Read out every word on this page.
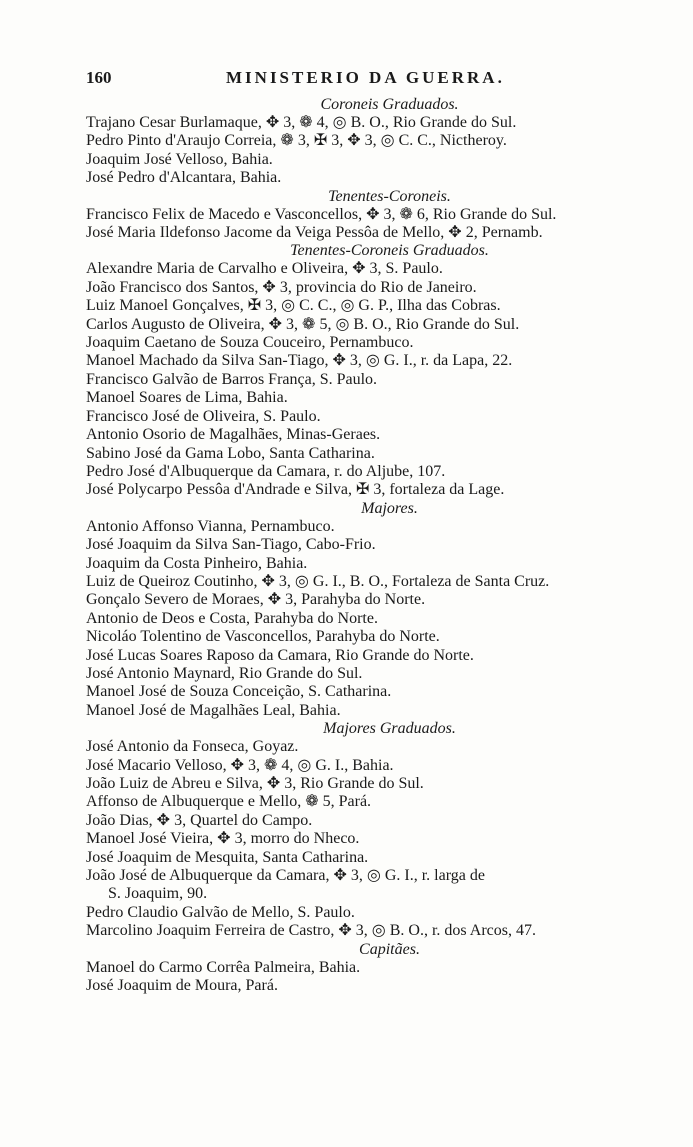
160	MINISTERIO DA GUERRA.
Coroneis Graduados.
Trajano Cesar Burlamaque, ✥ 3, ❁ 4, ◎ B. O., Rio Grande do Sul.
Pedro Pinto d'Araujo Correia, ❁ 3, ✠ 3, ✥ 3, ◎ C. C., Nictheroy.
Joaquim José Velloso, Bahia.
José Pedro d'Alcantara, Bahia.
Tenentes-Coroneis.
Francisco Felix de Macedo e Vasconcellos, ✥ 3, ❁ 6, Rio Grande do Sul.
José Maria Ildefonso Jacome da Veiga Pessôa de Mello, ✥ 2, Pernamb.
Tenentes-Coroneis Graduados.
Alexandre Maria de Carvalho e Oliveira, ✥ 3, S. Paulo.
João Francisco dos Santos, ✥ 3, provincia do Rio de Janeiro.
Luiz Manoel Gonçalves, ✠ 3, ◎ C. C., ◎ G. P., Ilha das Cobras.
Carlos Augusto de Oliveira, ✥ 3, ❁ 5, ◎ B. O., Rio Grande do Sul.
Joaquim Caetano de Souza Couceiro, Pernambuco.
Manoel Machado da Silva San-Tiago, ✥ 3, ◎ G. I., r. da Lapa, 22.
Francisco Galvão de Barros França, S. Paulo.
Manoel Soares de Lima, Bahia.
Francisco José de Oliveira, S. Paulo.
Antonio Osorio de Magalhães, Minas-Geraes.
Sabino José da Gama Lobo, Santa Catharina.
Pedro José d'Albuquerque da Camara, r. do Aljube, 107.
José Polycarpo Pessôa d'Andrade e Silva, ✠ 3, fortaleza da Lage.
Majores.
Antonio Affonso Vianna, Pernambuco.
José Joaquim da Silva San-Tiago, Cabo-Frio.
Joaquim da Costa Pinheiro, Bahia.
Luiz de Queiroz Coutinho, ✥ 3, ◎ G. I., B. O., Fortaleza de Santa Cruz.
Gonçalo Severo de Moraes, ✥ 3, Parahyba do Norte.
Antonio de Deos e Costa, Parahyba do Norte.
Nicoláo Tolentino de Vasconcellos, Parahyba do Norte.
José Lucas Soares Raposo da Camara, Rio Grande do Norte.
José Antonio Maynard, Rio Grande do Sul.
Manoel José de Souza Conceição, S. Catharina.
Manoel José de Magalhães Leal, Bahia.
Majores Graduados.
José Antonio da Fonseca, Goyaz.
José Macario Velloso, ✥ 3, ❁ 4, ◎ G. I., Bahia.
João Luiz de Abreu e Silva, ✥ 3, Rio Grande do Sul.
Affonso de Albuquerque e Mello, ❁ 5, Pará.
João Dias, ✥ 3, Quartel do Campo.
Manoel José Vieira, ✥ 3, morro do Nheco.
José Joaquim de Mesquita, Santa Catharina.
João José de Albuquerque da Camara, ✥ 3, ◎ G. I., r. larga de
S. Joaquim, 90.
Pedro Claudio Galvão de Mello, S. Paulo.
Marcolino Joaquim Ferreira de Castro, ✥ 3, ◎ B. O., r. dos Arcos, 47.
Capitães.
Manoel do Carmo Corrêa Palmeira, Bahia.
José Joaquim de Moura, Pará.
